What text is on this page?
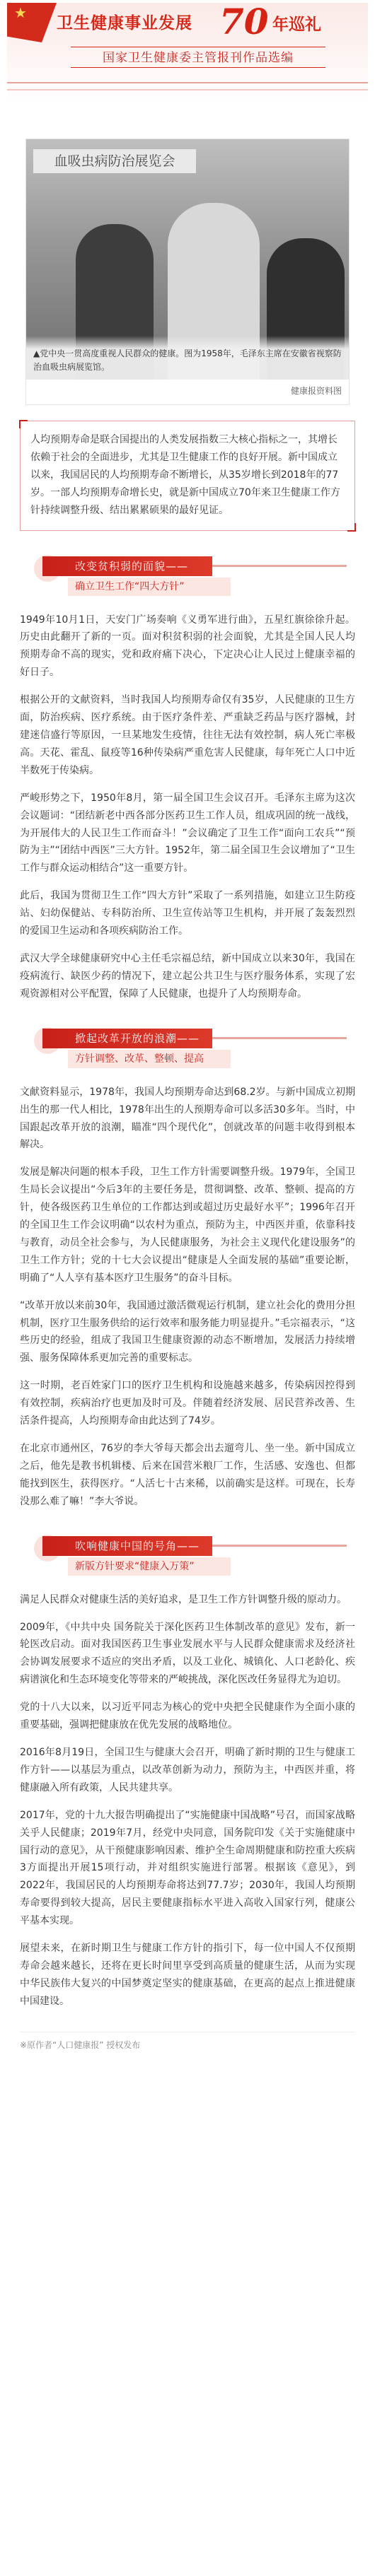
★
卫生健康事业发展 70 年巡礼
国家卫生健康委主管报刊作品选编
血吸虫病防治展览会
▲党中央一贯高度重视人民群众的健康。图为1958年，毛泽东主席在安徽省视察防治血吸虫病展览馆。
健康报资料图

人均预期寿命是联合国提出的人类发展指数三大核心指标之一，其增长依赖于社会的全面进步，尤其是卫生健康工作的良好开展。新中国成立以来，我国居民的人均预期寿命不断增长，从35岁增长到2018年的77岁。一部人均预期寿命增长史，就是新中国成立70年来卫生健康工作方针持续调整升级、结出累累硕果的最好见证。

改变贫积弱的面貌——
确立卫生工作“四大方针”

1949年10月1日，天安门广场奏响《义勇军进行曲》，五星红旗徐徐升起。历史由此翻开了新的一页。面对积贫积弱的社会面貌，尤其是全国人民人均预期寿命不高的现实，党和政府痛下决心，下定决心让人民过上健康幸福的好日子。

根据公开的文献资料，当时我国人均预期寿命仅有35岁，人民健康的卫生方面，防治疾病、医疗系统。由于医疗条件差、严重缺乏药品与医疗器械，封建迷信盛行等原因，一旦某地发生疫情，往往无法有效控制，病人死亡率极高。天花、霍乱、鼠疫等16种传染病严重危害人民健康，每年死亡人口中近半数死于传染病。

严峻形势之下，1950年8月，第一届全国卫生会议召开。毛泽东主席为这次会议题词：“团结新老中西各部分医药卫生工作人员，组成巩固的统一战线，为开展伟大的人民卫生工作而奋斗！”会议确定了卫生工作“面向工农兵”“预防为主”“团结中西医”三大方针。1952年，第二届全国卫生会议增加了“卫生工作与群众运动相结合”这一重要方针。

此后，我国为贯彻卫生工作“四大方针”采取了一系列措施，如建立卫生防疫站、妇幼保健站、专科防治所、卫生宣传站等卫生机构，并开展了轰轰烈烈的爱国卫生运动和各项疾病防治工作。

武汉大学全球健康研究中心主任毛宗福总结，新中国成立以来30年，我国在疫病流行、缺医少药的情况下，建立起公共卫生与医疗服务体系，实现了宏观资源相对公平配置，保障了人民健康，也提升了人均预期寿命。

掀起改革开放的浪潮——
方针调整、改革、整顿、提高

文献资料显示，1978年，我国人均预期寿命达到68.2岁。与新中国成立初期出生的那一代人相比，1978年出生的人预期寿命可以多活30多年。当时，中国跟起改革开放的浪潮，瞄准“四个现代化”，创就改革的问题丰收得到根本解决。

发展是解决问题的根本手段，卫生工作方针需要调整升级。1979年，全国卫生局长会议提出“今后3年的主要任务是，贯彻调整、改革、整顿、提高的方针，使各级医药卫生单位的工作都达到或超过历史最好水平”；1996年召开的全国卫生工作会议明确“以农村为重点，预防为主，中西医并重，依靠科技与教育，动员全社会参与，为人民健康服务，为社会主义现代化建设服务”的卫生工作方针；党的十七大会议提出“健康是人全面发展的基础”重要论断，明确了“人人享有基本医疗卫生服务”的奋斗目标。

“改革开放以来前30年，我国通过激活微观运行机制，建立社会化的费用分担机制，医疗卫生服务供给的运行效率和服务能力明显提升。”毛宗福表示，“这些历史的经验，组成了我国卫生健康资源的动态不断增加，发展活力持续增强、服务保障体系更加完善的重要标志。

这一时期，老百姓家门口的医疗卫生机构和设施越来越多，传染病因控得到有效控制，疾病治疗也更加及时可及。伴随着经济发展、居民营养改善、生活条件提高，人均预期寿命由此达到了74岁。

在北京市通州区，76岁的李大爷每天都会出去遛弯儿、坐一坐。新中国成立之后，他先是教书机辑楼、后来在国营米粮厂工作，生活感、安逸也、但都能找到医生，获得医疗。“人活七十古来稀，以前确实是这样。可现在，长寿没那么难了嘛！”李大爷说。

吹响健康中国的号角——
新版方针要求“健康入万策”

满足人民群众对健康生活的美好追求，是卫生工作方针调整升级的原动力。

2009年，《中共中央 国务院关于深化医药卫生体制改革的意见》发布，新一轮医改启动。面对我国医药卫生事业发展水平与人民群众健康需求及经济社会协调发展要求不适应的突出矛盾，以及工业化、城镇化、人口老龄化、疾病谱演化和生态环境变化等带来的严峻挑战，深化医改任务显得尤为迫切。

党的十八大以来，以习近平同志为核心的党中央把全民健康作为全面小康的重要基础，强调把健康放在优先发展的战略地位。

2016年8月19日，全国卫生与健康大会召开，明确了新时期的卫生与健康工作方针——以基层为重点，以改革创新为动力，预防为主，中西医并重，将健康融入所有政策，人民共建共享。

2017年，党的十九大报告明确提出了“实施健康中国战略”号召，而国家战略关乎人民健康；2019年7月，经党中央同意，国务院印发《关于实施健康中国行动的意见》，从干预健康影响因素、维护全生命周期健康和防控重大疾病3方面提出开展15项行动，并对组织实施进行部署。根据该《意见》，到2022年，我国居民的人均预期寿命将达到77.7岁；2030年，我国人均预期寿命要得到较大提高，居民主要健康指标水平进入高收入国家行列，健康公平基本实现。

展望未来，在新时期卫生与健康工作方针的指引下，每一位中国人不仅预期寿命会越来越长，还将在更长时间里享受到高质量的健康生活，从而为实现中华民族伟大复兴的中国梦奠定坚实的健康基础，在更高的起点上推进健康中国建设。

※原作者“人口健康报” 授权发布
